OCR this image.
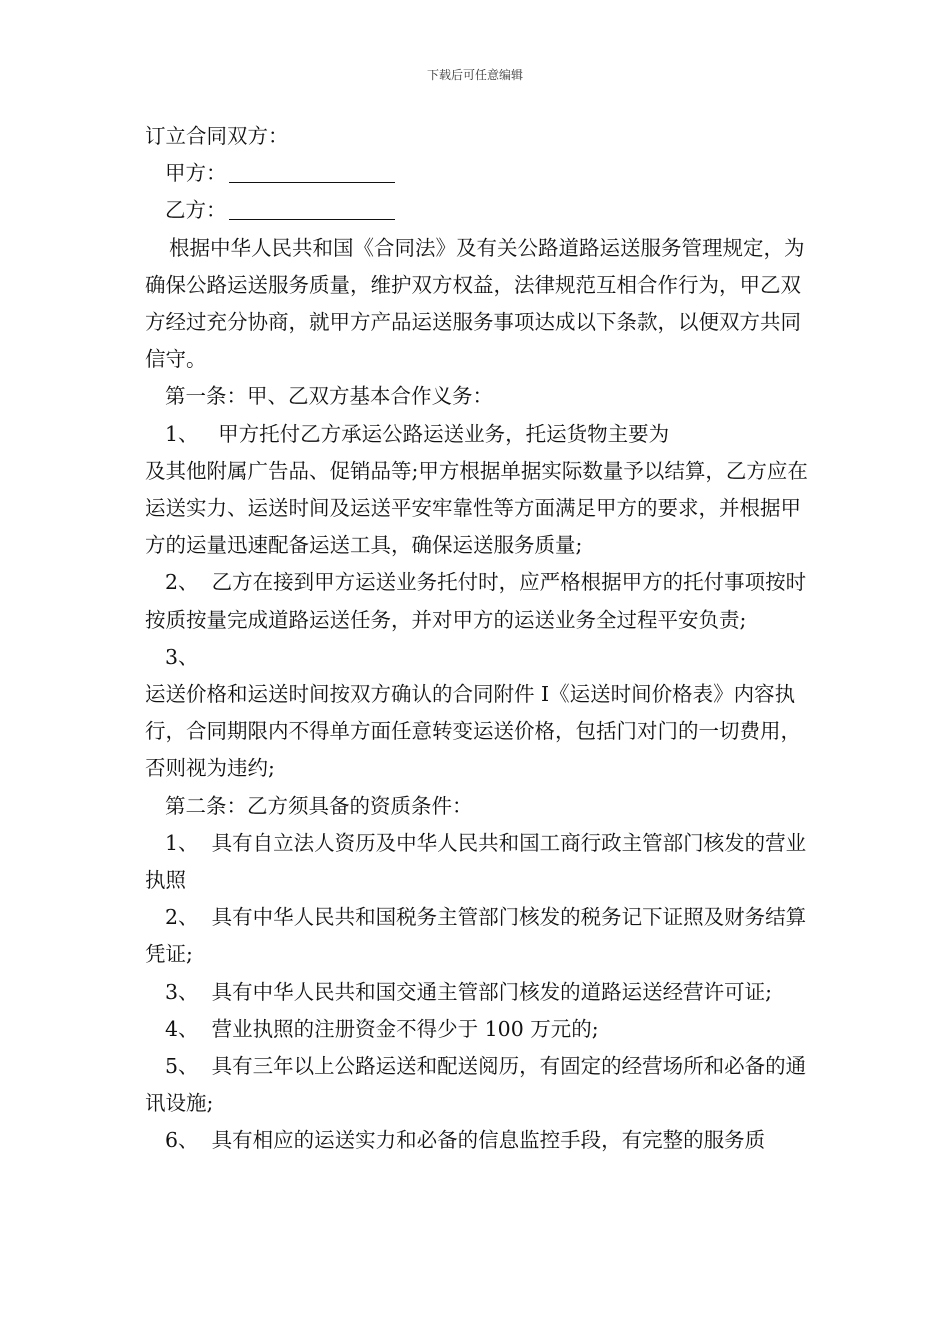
下载后可任意编辑

订立合同双方：

甲方：

乙方：

根据中华人民共和国《合同法》及有关公路道路运送服务管理规定，为确保公路运送服务质量，维护双方权益，法律规范互相合作行为，甲乙双方经过充分协商，就甲方产品运送服务事项达成以下条款，以便双方共同信守。

第一条：甲、乙双方基本合作义务：

1、 甲方托付乙方承运公路运送业务，托运货物主要为

及其他附属广告品、促销品等;甲方根据单据实际数量予以结算，乙方应在运送实力、运送时间及运送平安牢靠性等方面满足甲方的要求，并根据甲方的运量迅速配备运送工具，确保运送服务质量;

2、 乙方在接到甲方运送业务托付时，应严格根据甲方的托付事项按时按质按量完成道路运送任务，并对甲方的运送业务全过程平安负责;

3、

运送价格和运送时间按双方确认的合同附件 I《运送时间价格表》内容执行，合同期限内不得单方面任意转变运送价格，包括门对门的一切费用，否则视为违约;

第二条：乙方须具备的资质条件：

1、 具有自立法人资历及中华人民共和国工商行政主管部门核发的营业执照

2、 具有中华人民共和国税务主管部门核发的税务记下证照及财务结算凭证;

3、 具有中华人民共和国交通主管部门核发的道路运送经营许可证;

4、 营业执照的注册资金不得少于 100 万元的;

5、 具有三年以上公路运送和配送阅历，有固定的经营场所和必备的通讯设施;

6、 具有相应的运送实力和必备的信息监控手段，有完整的服务质
